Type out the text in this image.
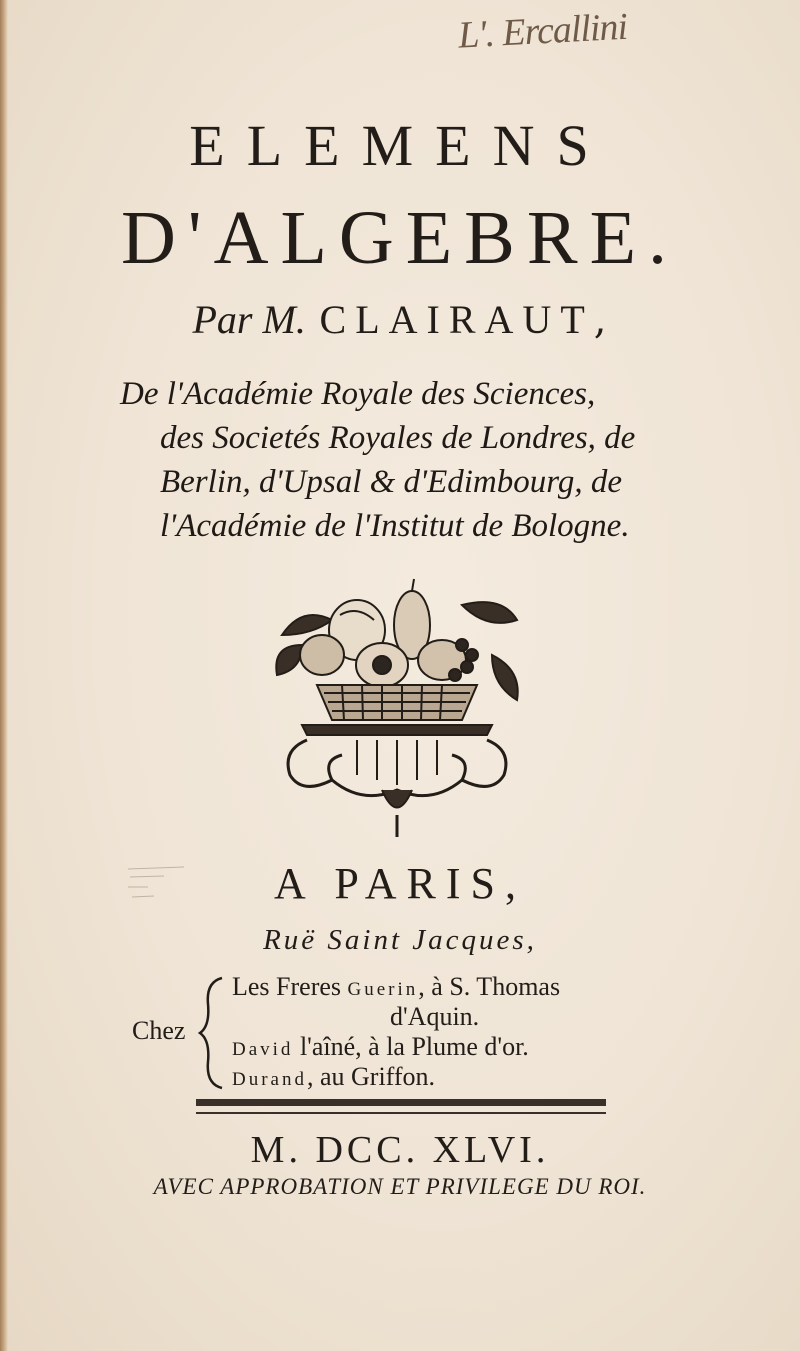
L'. Ercallini
ELEMENS
D'ALGEBRE.
Par M. CLAIRAUT,
De l'Académie Royale des Sciences,
des Societés Royales de Londres, de
Berlin, d'Upsal & d'Edimbourg, de
l'Académie de l'Institut de Bologne.
A PARIS,
Ruë Saint Jacques,
Chez
Les Freres Guerin, à S. Thomas
d'Aquin.
David l'aîné, à la Plume d'or.
Durand, au Griffon.
M. DCC. XLVI.
AVEC APPROBATION ET PRIVILEGE DU ROI.
